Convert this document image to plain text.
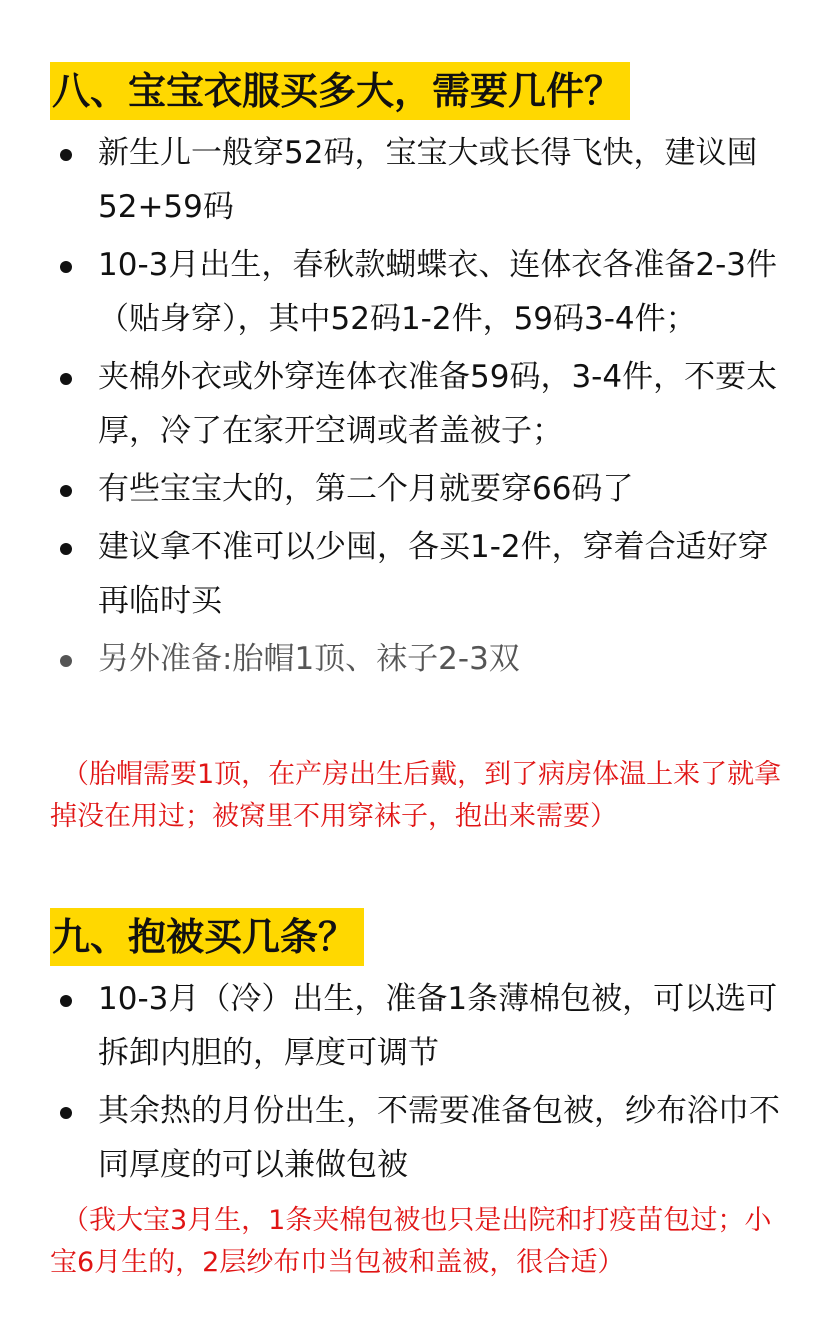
八、宝宝衣服买多大，需要几件？
新生儿一般穿52码，宝宝大或长得飞快，建议囤52+59码
10-3月出生，春秋款蝴蝶衣、连体衣各准备2-3件（贴身穿），其中52码1-2件，59码3-4件；
夹棉外衣或外穿连体衣准备59码，3-4件，不要太厚，冷了在家开空调或者盖被子；
有些宝宝大的，第二个月就要穿66码了
建议拿不准可以少囤，各买1-2件，穿着合适好穿再临时买
另外准备:胎帽1顶、袜子2-3双
（胎帽需要1顶，在产房出生后戴，到了病房体温上来了就拿掉没在用过；被窝里不用穿袜子，抱出来需要）
九、抱被买几条？
10-3月（冷）出生，准备1条薄棉包被，可以选可拆卸内胆的，厚度可调节
其余热的月份出生，不需要准备包被，纱布浴巾不同厚度的可以兼做包被
（我大宝3月生，1条夹棉包被也只是出院和打疫苗包过；小宝6月生的，2层纱布巾当包被和盖被，很合适）
